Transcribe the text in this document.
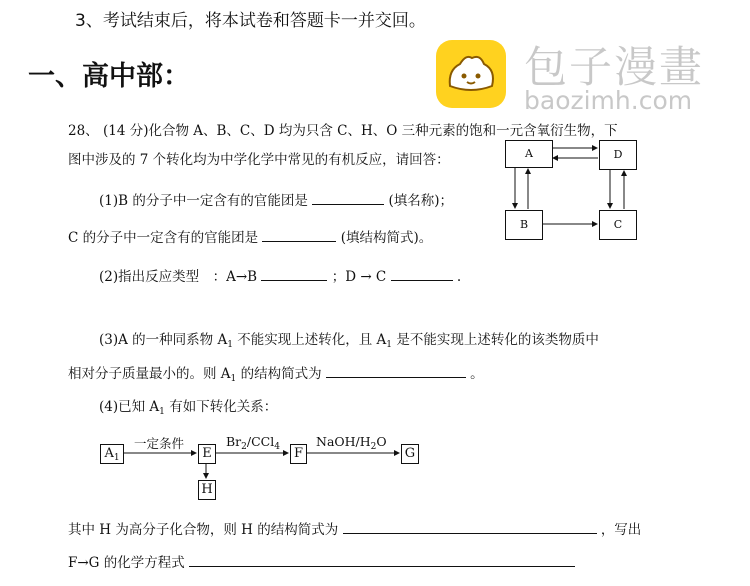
3、考试结束后，将本试卷和答题卡一并交回。
一、高中部：	包子漫畫
baozimh.com
28、 (14 分)化合物 A、B、C、D 均为只含 C、H、O 三种元素的饱和一元含氧衍生物，下
图中涉及的 7 个转化均为中学化学中常见的有机反应，请回答：
(1)B 的分子中一定含有的官能团是	(填名称)；
C 的分子中一定含有的官能团是	(填结构简式)。
(2)指出反应类型　：A→B	；D → C	.
(3)A 的一种同系物 $A_1$ 不能实现上述转化，且 $A_1$ 是不能实现上述转化的该类物质中
相对分子质量最小的。则 $A_1$ 的结构简式为	。
(4)已知 $A_1$ 有如下转化关系：
$A_1$
一定条件
E
$Br_2/CCl_4$	F
NaOH/$H_2O$
G
H
其中 H 为高分子化合物，则 H 的结构简式为	，写出
F→G 的化学方程式
A	D
B	C
